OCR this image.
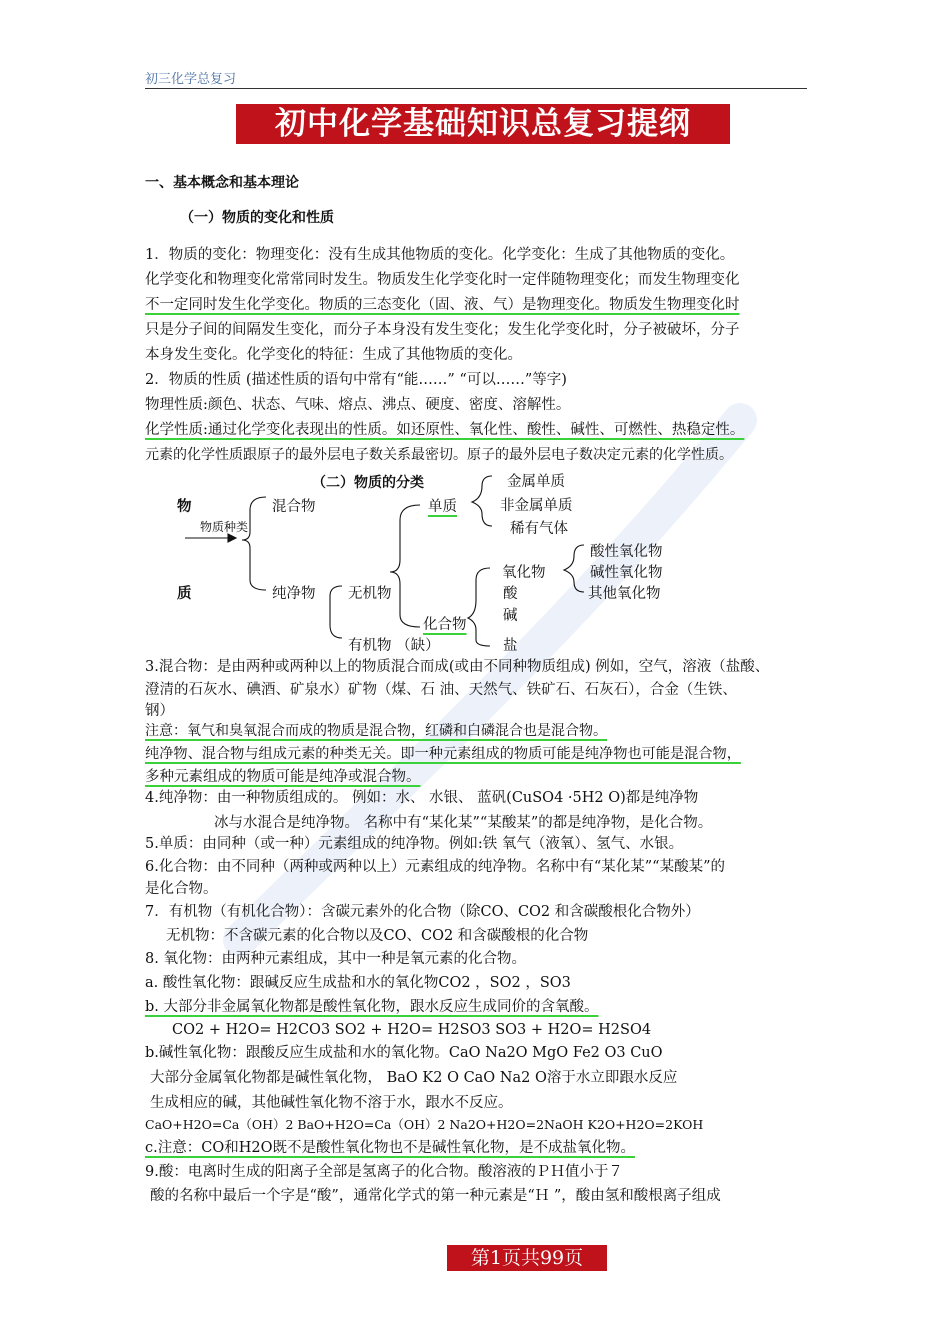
初三化学总复习
初中化学基础知识总复习提纲
一、基本概念和基本理论
（一）物质的变化和性质
1．物质的变化：物理变化：没有生成其他物质的变化。化学变化：生成了其他物质的变化。
化学变化和物理变化常常同时发生。物质发生化学变化时一定伴随物理变化；而发生物理变化
不一定同时发生化学变化。物质的三态变化（固、液、气）是物理变化。物质发生物理变化时
只是分子间的间隔发生变化，而分子本身没有发生变化；发生化学变化时，分子被破坏，分子
本身发生变化。化学变化的特征：生成了其他物质的变化。
2．物质的性质 (描述性质的语句中常有“能……” “可以……”等字)
物理性质:颜色、状态、气味、熔点、沸点、硬度、密度、溶解性。
化学性质:通过化学变化表现出的性质。如还原性、氧化性、酸性、碱性、可燃性、热稳定性。
元素的化学性质跟原子的最外层电子数关系最密切。原子的最外层电子数决定元素的化学性质。
（二）物质的分类
物
质
物质种类
混合物
纯净物
单质
金属单质
非金属单质
稀有气体
无机物
有机物 （缺）
化合物
氧化物
酸性氧化物
碱性氧化物
其他氧化物
酸
碱
盐
3.混合物：是由两种或两种以上的物质混合而成(或由不同种物质组成) 例如，空气，溶液（盐酸、
澄清的石灰水、碘酒、矿泉水）矿物（煤、石 油、天然气、铁矿石、石灰石），合金（生铁、
钢）
注意：氧气和臭氧混合而成的物质是混合物，红磷和白磷混合也是混合物。
纯净物、混合物与组成元素的种类无关。即一种元素组成的物质可能是纯净物也可能是混合物，
多种元素组成的物质可能是纯净或混合物。
4.纯净物：由一种物质组成的。 例如：水、 水银、 蓝矾(CuSO4 ·5H2 O)都是纯净物
冰与水混合是纯净物。 名称中有“某化某”“某酸某”的都是纯净物，是化合物。
5.单质：由同种（或一种）元素组成的纯净物。例如:铁 氧气（液氧）、氢气、水银。
6.化合物：由不同种（两种或两种以上）元素组成的纯净物。名称中有“某化某”“某酸某”的
是化合物。
7．有机物（有机化合物）：含碳元素外的化合物（除CO、CO2 和含碳酸根化合物外）
无机物：不含碳元素的化合物以及CO、CO2 和含碳酸根的化合物
8. 氧化物：由两种元素组成，其中一种是氧元素的化合物。
a. 酸性氧化物：跟碱反应生成盐和水的氧化物CO2 ，SO2 ，SO3
b. 大部分非金属氧化物都是酸性氧化物，跟水反应生成同价的含氧酸。
CO2 + H2O= H2CO3 SO2 + H2O= H2SO3 SO3 + H2O= H2SO4
b.碱性氧化物：跟酸反应生成盐和水的氧化物。CaO Na2O MgO Fe2 O3 CuO
大部分金属氧化物都是碱性氧化物， BaO K2 O CaO Na2 O溶于水立即跟水反应
生成相应的碱，其他碱性氧化物不溶于水，跟水不反应。
CaO+H2O=Ca（OH）2 BaO+H2O=Ca（OH）2 Na2O+H2O=2NaOH K2O+H2O=2KOH
c.注意：CO和H2O既不是酸性氧化物也不是碱性氧化物，是不成盐氧化物。
9.酸：电离时生成的阳离子全部是氢离子的化合物。酸溶液的ＰＨ值小于７
酸的名称中最后一个字是“酸”，通常化学式的第一种元素是“Ｈ ”，酸由氢和酸根离子组成
第1页共99页
